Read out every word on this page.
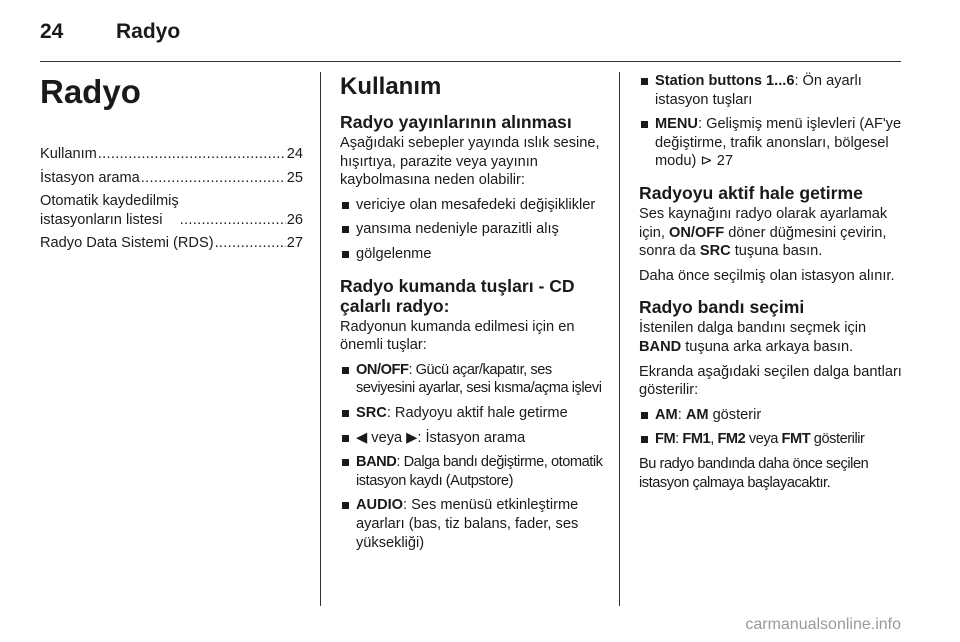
24	Radyo
Radyo
Kullanım .....	24
İstasyon arama .....	25
Otomatik kaydedilmiş
istasyonların listesi .....	26
Radyo Data Sistemi (RDS) .....	27
Kullanım
Radyo yayınlarının alınması

Aşağıdaki sebepler yayında ıslık sesine, hışırtıya, parazite veya yayının kaybolmasına neden olabilir:

vericiye olan mesafedeki değişiklikler
yansıma nedeniyle parazitli alış
gölgelenme
Radyo kumanda tuşları - CD çalarlı radyo:

Radyonun kumanda edilmesi için en önemli tuşlar:

ON/OFF: Gücü açar/kapatır, ses seviyesini ayarlar, sesi kısma/açma işlevi
SRC: Radyoyu aktif hale getirme
◀ veya ▶: İstasyon arama
BAND: Dalga bandı değiştirme, otomatik istasyon kaydı (Autpstore)
AUDIO: Ses menüsü etkinleştirme ayarları (bas, tiz balans, fader, ses yüksekliği)
Station buttons 1...6: Ön ayarlı istasyon tuşları
MENU: Gelişmiş menü işlevleri (AF'ye değiştirme, trafik anonsları, bölgesel modu) ⊳ 27
Radyoyu aktif hale getirme

Ses kaynağını radyo olarak ayarlamak için, ON/OFF döner düğmesini çevirin, sonra da SRC tuşuna basın.

Daha önce seçilmiş olan istasyon alınır.

Radyo bandı seçimi

İstenilen dalga bandını seçmek için BAND tuşuna arka arkaya basın.

Ekranda aşağıdaki seçilen dalga bantları gösterilir:

AM: AM gösterir
FM: FM1, FM2 veya FMT gösterilir

Bu radyo bandında daha önce seçilen istasyon çalmaya başlayacaktır.

carmanualsonline.info
